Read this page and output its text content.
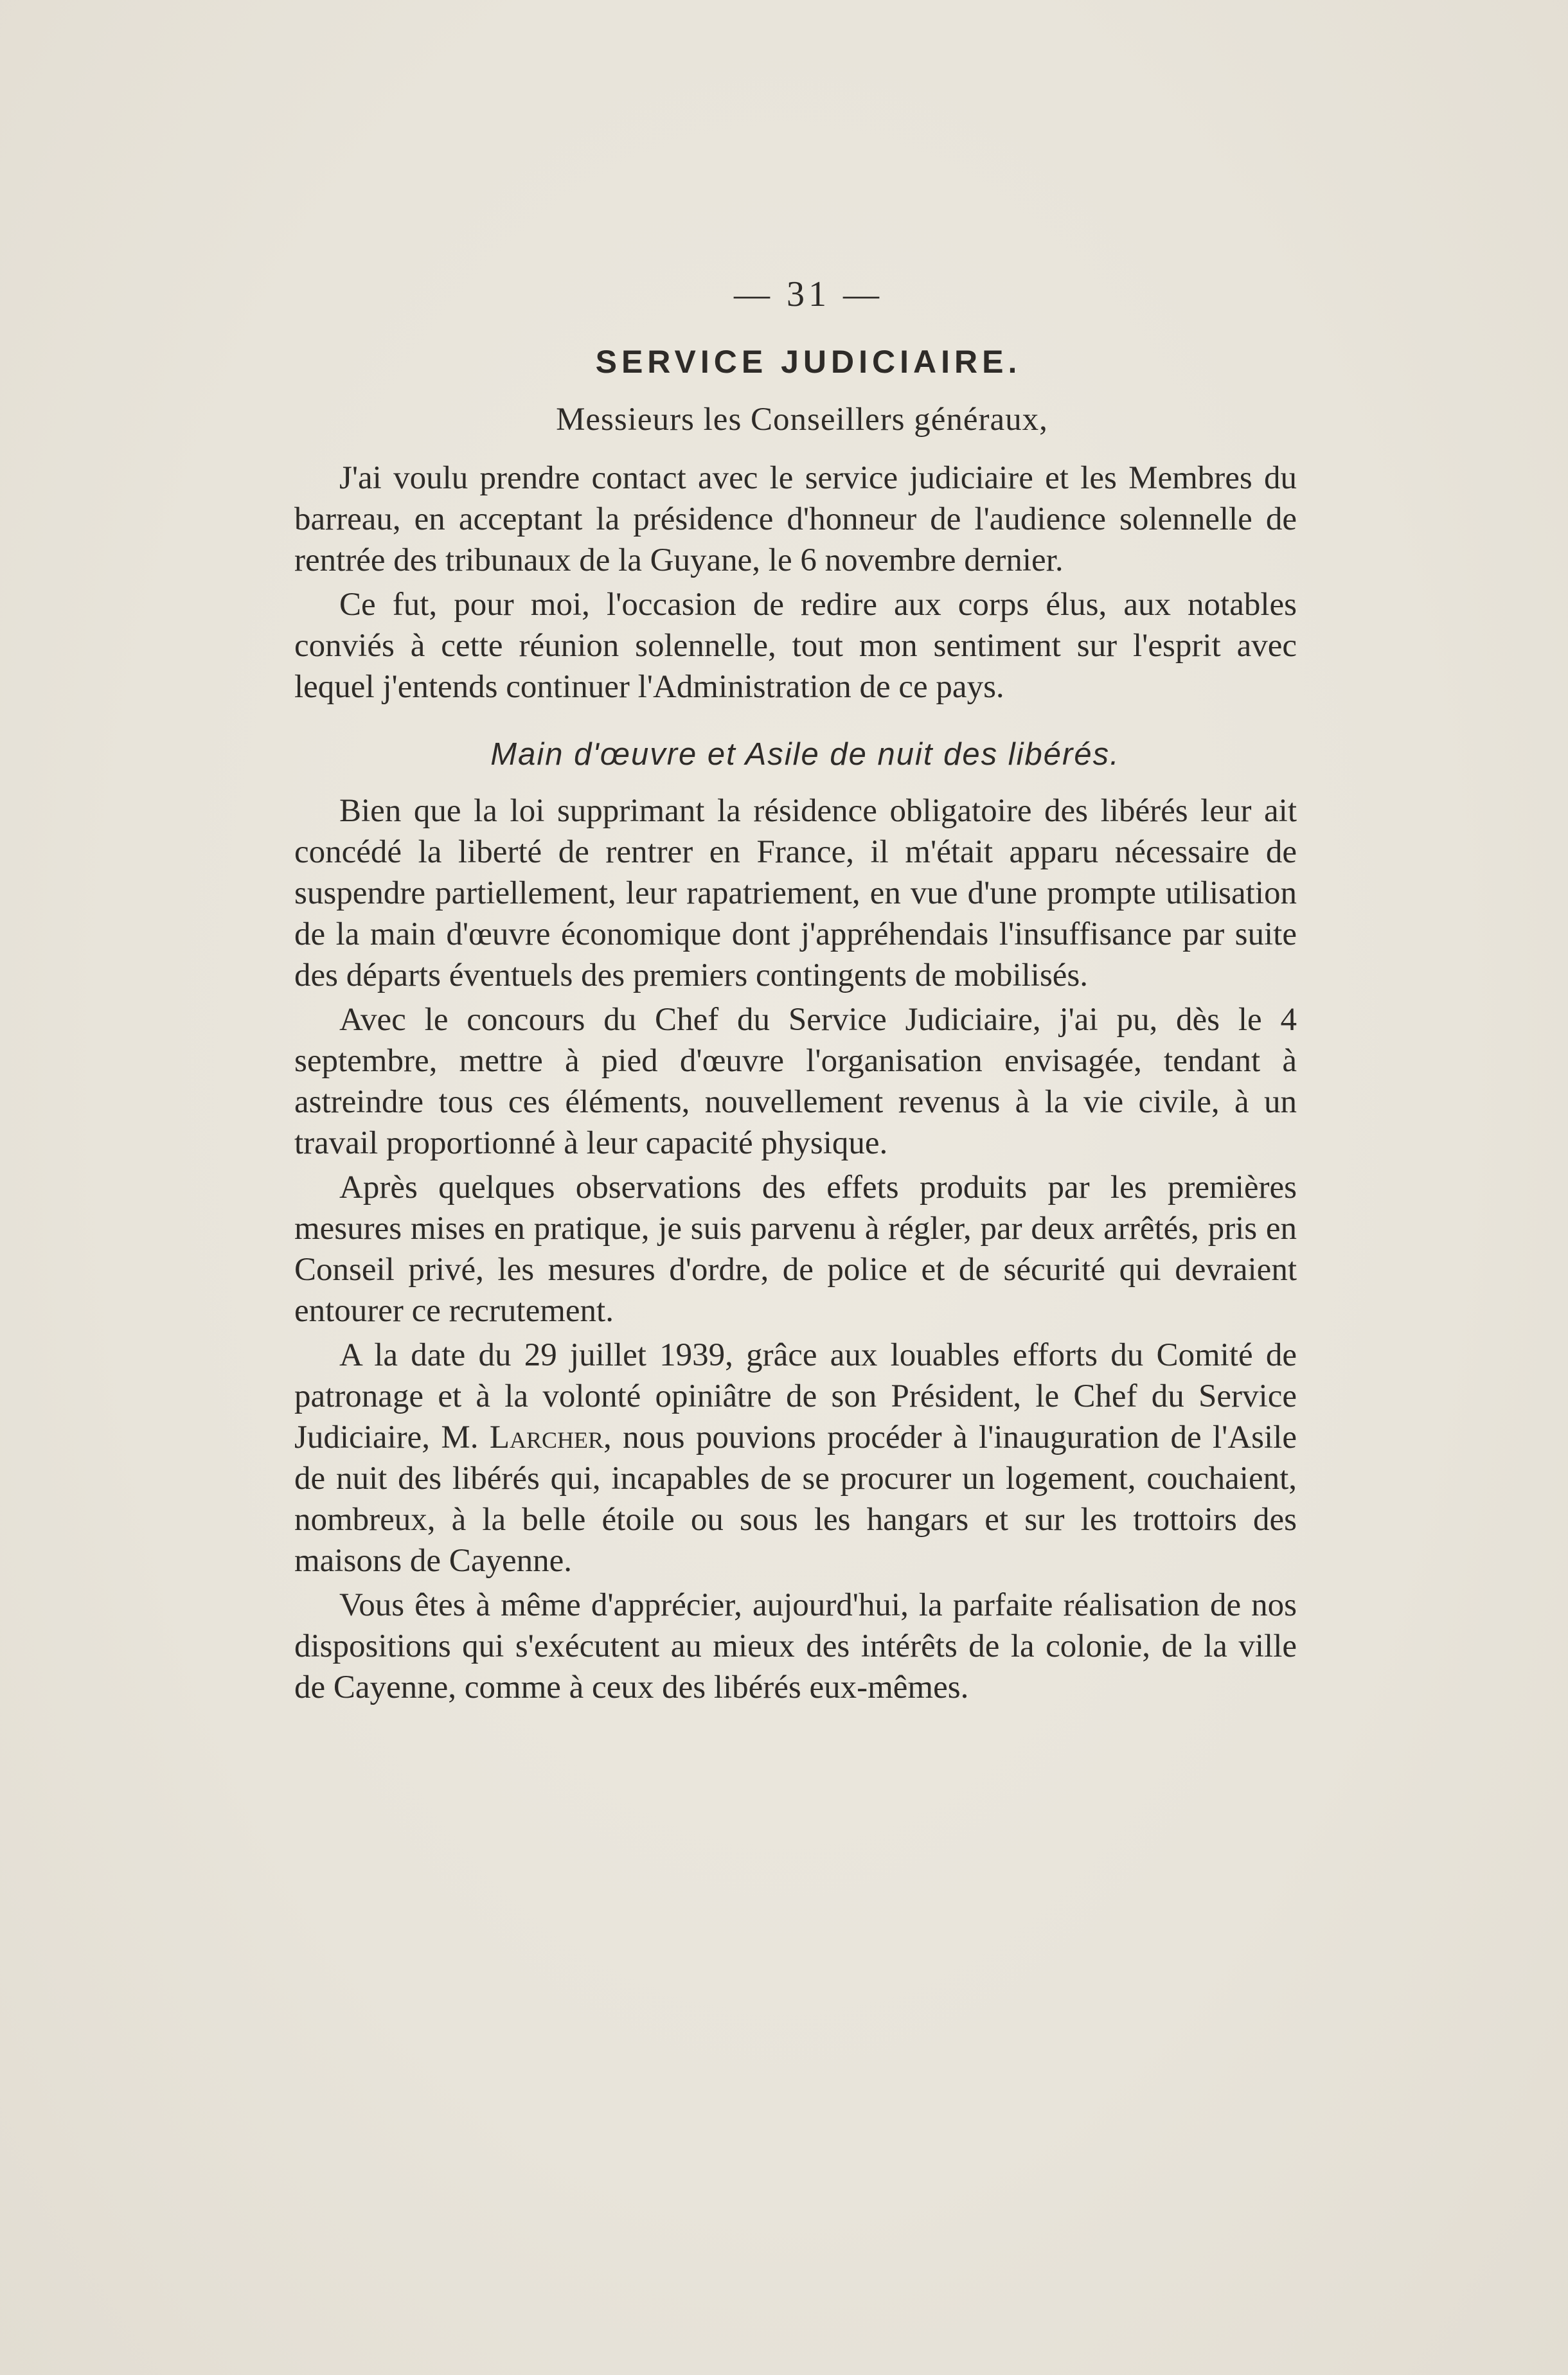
— 31 —
SERVICE JUDICIAIRE.
Messieurs les Conseillers généraux,

J'ai voulu prendre contact avec le service judiciaire et les Membres du barreau, en acceptant la présidence d'honneur de l'audience solennelle de rentrée des tribunaux de la Guyane, le 6 novembre dernier.

Ce fut, pour moi, l'occasion de redire aux corps élus, aux notables conviés à cette réunion solennelle, tout mon sentiment sur l'esprit avec lequel j'entends continuer l'Administration de ce pays.

Main d'œuvre et Asile de nuit des libérés.

Bien que la loi supprimant la résidence obligatoire des libérés leur ait concédé la liberté de rentrer en France, il m'était apparu nécessaire de suspendre partiellement, leur rapatriement, en vue d'une prompte utilisation de la main d'œuvre économique dont j'appréhendais l'insuffisance par suite des départs éventuels des premiers contingents de mobilisés.

Avec le concours du Chef du Service Judiciaire, j'ai pu, dès le 4 septembre, mettre à pied d'œuvre l'organisation envisagée, tendant à astreindre tous ces éléments, nouvellement revenus à la vie civile, à un travail proportionné à leur capacité physique.

Après quelques observations des effets produits par les premières mesures mises en pratique, je suis parvenu à régler, par deux arrêtés, pris en Conseil privé, les mesures d'ordre, de police et de sécurité qui devraient entourer ce recrutement.

A la date du 29 juillet 1939, grâce aux louables efforts du Comité de patronage et à la volonté opiniâtre de son Président, le Chef du Service Judiciaire, M. Larcher, nous pouvions procéder à l'inauguration de l'Asile de nuit des libérés qui, incapables de se procurer un logement, couchaient, nombreux, à la belle étoile ou sous les hangars et sur les trottoirs des maisons de Cayenne.

Vous êtes à même d'apprécier, aujourd'hui, la parfaite réalisation de nos dispositions qui s'exécutent au mieux des intérêts de la colonie, de la ville de Cayenne, comme à ceux des libérés eux-mêmes.
